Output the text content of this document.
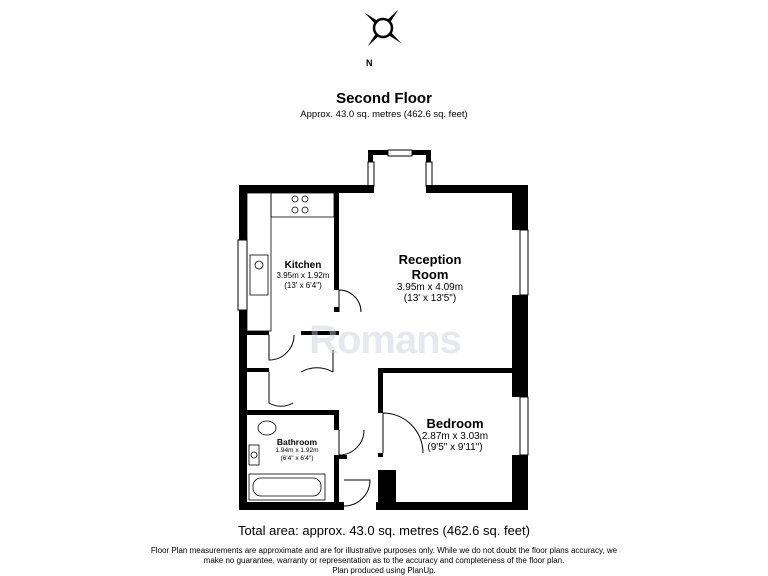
N
Second Floor
Approx. 43.0 sq. metres (462.6 sq. feet)
Romans
Reception
Room
3.95m x 4.09m
(13' x 13'5")
Kitchen
3.95m x 1.92m
(13' x 6'4")
Bedroom
2.87m x 3.03m
(9'5" x 9'11")
Bathroom
1.94m x 1.92m
(6'4" x 6'4")
Total area: approx. 43.0 sq. metres (462.6 sq. feet)
Floor Plan measurements are approximate and are for illustrative purposes only. While we do not doubt the floor plans accuracy, we
make no guarantee, warranty or representation as to the accuracy and completeness of the floor plan.
Plan produced using PlanUp.
